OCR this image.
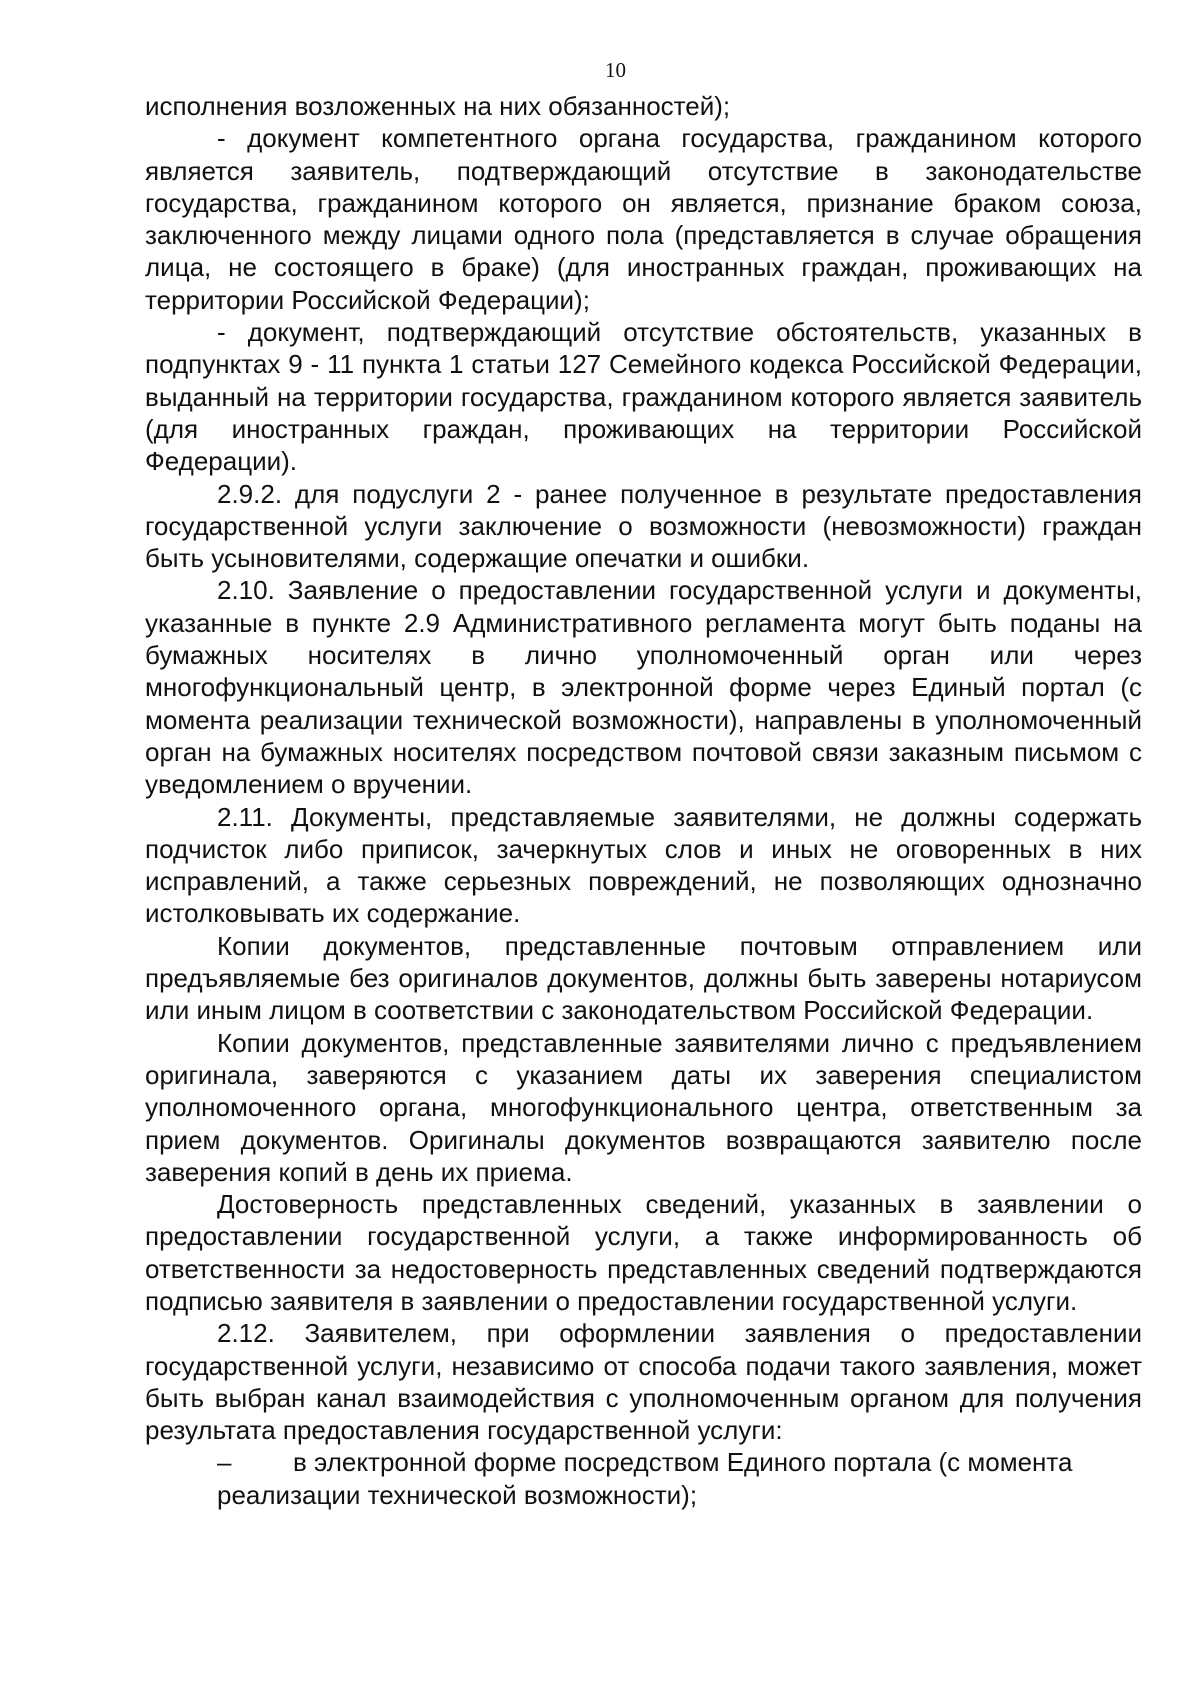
10

исполнения возложенных на них обязанностей);

- документ компетентного органа государства, гражданином которого является заявитель, подтверждающий отсутствие в законодательстве государства, гражданином которого он является, признание браком союза, заключенного между лицами одного пола (представляется в случае обращения лица, не состоящего в браке) (для иностранных граждан, проживающих на территории Российской Федерации);

- документ, подтверждающий отсутствие обстоятельств, указанных в подпунктах 9 - 11 пункта 1 статьи 127 Семейного кодекса Российской Федерации, выданный на территории государства, гражданином которого является заявитель (для иностранных граждан, проживающих на территории Российской Федерации).

2.9.2. для подуслуги 2 - ранее полученное в результате предоставления государственной услуги заключение о возможности (невозможности) граждан быть усыновителями, содержащие опечатки и ошибки.

2.10. Заявление о предоставлении государственной услуги и документы, указанные в пункте 2.9 Административного регламента могут быть поданы на бумажных носителях в лично уполномоченный орган или через многофункциональный центр, в электронной форме через Единый портал (с момента реализации технической возможности), направлены в уполномоченный орган на бумажных носителях посредством почтовой связи заказным письмом с уведомлением о вручении.

2.11. Документы, представляемые заявителями, не должны содержать подчисток либо приписок, зачеркнутых слов и иных не оговоренных в них исправлений, а также серьезных повреждений, не позволяющих однозначно истолковывать их содержание.

Копии документов, представленные почтовым отправлением или предъявляемые без оригиналов документов, должны быть заверены нотариусом или иным лицом в соответствии с законодательством Российской Федерации.

Копии документов, представленные заявителями лично с предъявлением оригинала, заверяются с указанием даты их заверения специалистом уполномоченного органа, многофункционального центра, ответственным за прием документов. Оригиналы документов возвращаются заявителю после заверения копий в день их приема.

Достоверность представленных сведений, указанных в заявлении о предоставлении государственной услуги, а также информированность об ответственности за недостоверность представленных сведений подтверждаются подписью заявителя в заявлении о предоставлении государственной услуги.

2.12. Заявителем, при оформлении заявления о предоставлении государственной услуги, независимо от способа подачи такого заявления, может быть выбран канал взаимодействия с уполномоченным органом для получения результата предоставления государственной услуги:

– в электронной форме посредством Единого портала (с момента реализации технической возможности);
